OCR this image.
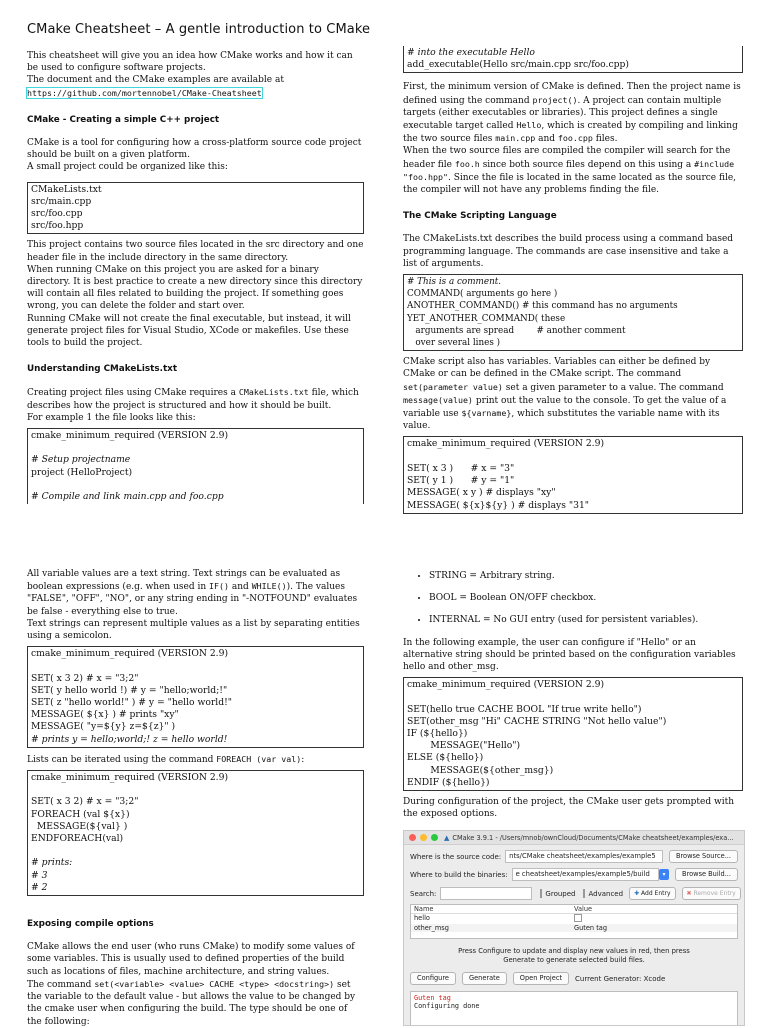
CMake Cheatsheet – A gentle introduction to CMake

This cheatsheet will give you an idea how CMake works and how it can be used to configure software projects.
The document and the CMake examples are available at https://github.com/mortennobel/CMake-Cheatsheet

CMake - Creating a simple C++ project

CMake is a tool for configuring how a cross-platform source code project should be built on a given platform.
A small project could be organized like this:

CMakeLists.txt
src/main.cpp
src/foo.cpp
src/foo.hpp

This project contains two source files located in the src directory and one header file in the include directory in the same directory.
When running CMake on this project you are asked for a binary directory. It is best practice to create a new directory since this directory will contain all files related to building the project. If something goes wrong, you can delete the folder and start over.
Running CMake will not create the final executable, but instead, it will generate project files for Visual Studio, XCode or makefiles. Use these tools to build the project.

Understanding CMakeLists.txt

Creating project files using CMake requires a CMakeLists.txt file, which describes how the project is structured and how it should be built.
For example 1 the file looks like this:

cmake_minimum_required (VERSION 2.9)

# Setup projectname
project (HelloProject)

# Compile and link main.cpp and foo.cpp
# into the executable Hello
add_executable(Hello src/main.cpp src/foo.cpp)

First, the minimum version of CMake is defined. Then the project name is defined using the command project(). A project can contain multiple targets (either executables or libraries). This project defines a single executable target called Hello, which is created by compiling and linking the two source files main.cpp and foo.cpp files.
When the two source files are compiled the compiler will search for the header file foo.h since both source files depend on this using a #include "foo.hpp". Since the file is located in the same located as the source file, the compiler will not have any problems finding the file.

The CMake Scripting Language

The CMakeLists.txt describes the build process using a command based programming language. The commands are case insensitive and take a list of arguments.

# This is a comment.
COMMAND( arguments go here )
ANOTHER_COMMAND() # this command has no arguments
YET_ANOTHER_COMMAND( these
arguments are spread        # another comment
over several lines )

CMake script also has variables. Variables can either be defined by CMake or can be defined in the CMake script. The command set(parameter value) set a given parameter to a value. The command message(value) print out the value to the console. To get the value of a variable use ${varname}, which substitutes the variable name with its value.

cmake_minimum_required (VERSION 2.9)

SET( x 3 )      # x = "3"
SET( y 1 )      # y = "1"
MESSAGE( x y ) # displays "xy"
MESSAGE( ${x}${y} ) # displays "31"

All variable values are a text string. Text strings can be evaluated as boolean expressions (e.g. when used in IF() and WHILE()). The values "FALSE", "OFF", "NO", or any string ending in "-NOTFOUND" evaluates be false - everything else to true.
Text strings can represent multiple values as a list by separating entities using a semicolon.

cmake_minimum_required (VERSION 2.9)

SET( x 3 2) # x = "3;2"
SET( y hello world !) # y = "hello;world;!"
SET( z "hello world!" ) # y = "hello world!"
MESSAGE( ${x} ) # prints "xy"
MESSAGE( "y=${y} z=${z}" )
# prints y = hello;world;! z = hello world!

Lists can be iterated using the command FOREACH (var val):

cmake_minimum_required (VERSION 2.9)

SET( x 3 2) # x = "3;2"
FOREACH (val ${x})
MESSAGE(${val} )
ENDFOREACH(val)

# prints:
# 3
# 2
Exposing compile options

CMake allows the end user (who runs CMake) to modify some values of some variables. This is usually used to defined properties of the build such as locations of files, machine architecture, and string values.
The command set(<variable> <value> CACHE <type> <docstring>) set the variable to the default value - but allows the value to be changed by the cmake user when configuring the build. The type should be one of the following:

• STRING = Arbitrary string.
• BOOL = Boolean ON/OFF checkbox.
• INTERNAL = No GUI entry (used for persistent variables).

In the following example, the user can configure if "Hello" or an alternative string should be printed based on the configuration variables hello and other_msg.

cmake_minimum_required (VERSION 2.9)

SET(hello true CACHE BOOL "If true write hello")
SET(other_msg "Hi" CACHE STRING "Not hello value")
IF (${hello})
MESSAGE("Hello")
ELSE (${hello})
MESSAGE(${other_msg})
ENDIF (${hello})

During configuration of the project, the CMake user gets prompted with the exposed options.

▲ CMake 3.9.1 - /Users/mnob/ownCloud/Documents/CMake cheatsheet/examples/exa...
Where is the source code:	nts/CMake cheatsheet/examples/example5	Browse Source...
Where to build the binaries:	e cheatsheet/examples/example5/build	▾	Browse Build...
Search:	Grouped Advanced	✚ Add Entry	✖ Remove Entry
Name	Value
hello
other_msg	Guten tag
Press Configure to update and display new values in red, then press Generate to generate selected build files.
Configure	Generate	Open Project	Current Generator: Xcode
Guten tag
Configuring done
